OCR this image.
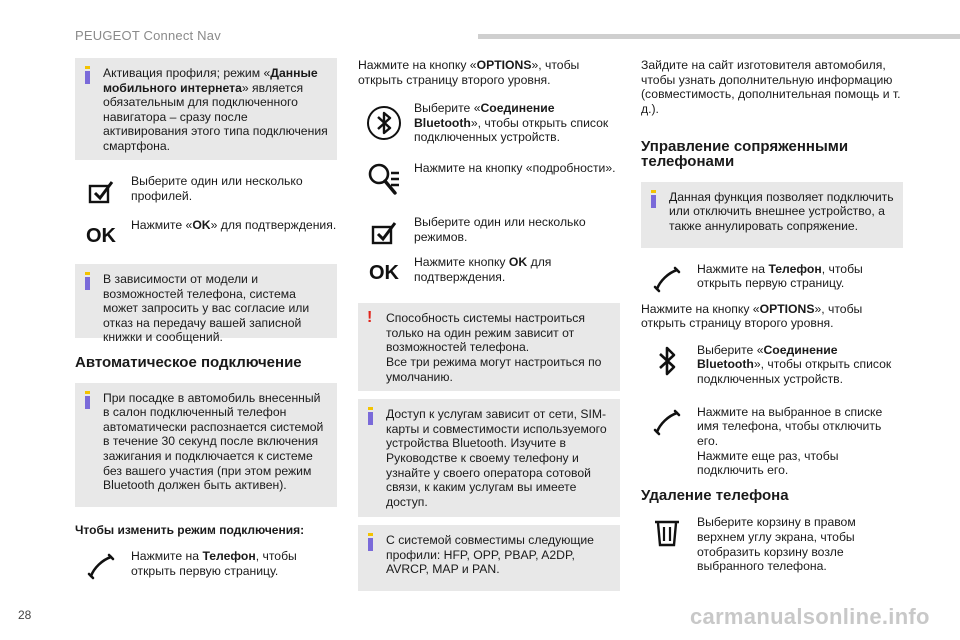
PEUGEOT Connect Nav

Активация профиля; режим «Данные мобильного интернета» является обязательным для подключенного навигатора – сразу после активирования этого типа подключения смартфона.

Выберите один или несколько профилей.

OK Нажмите «OK» для подтверждения.

В зависимости от модели и возможностей телефона, система может запросить у вас согласие или отказ на передачу вашей записной книжки и сообщений.

Автоматическое подключение

При посадке в автомобиль внесенный в салон подключенный телефон автоматически распознается системой в течение 30 секунд после включения зажигания и подключается к системе без вашего участия (при этом режим Bluetooth должен быть активен).

Чтобы изменить режим подключения:

Нажмите на Телефон, чтобы открыть первую страницу.

Нажмите на кнопку «OPTIONS», чтобы открыть страницу второго уровня.

Выберите «Соединение Bluetooth», чтобы открыть список подключенных устройств.

Нажмите на кнопку «подробности».

Выберите один или несколько режимов.

OK Нажмите кнопку OK для подтверждения.

! Способность системы настроиться только на один режим зависит от возможностей телефона.
Все три режима могут настроиться по умолчанию.

Доступ к услугам зависит от сети, SIM-карты и совместимости используемого устройства Bluetooth. Изучите в Руководстве к своему телефону и узнайте у своего оператора сотовой связи, к каким услугам вы имеете доступ.

С системой совместимы следующие профили: HFP, OPP, PBAP, A2DP, AVRCP, MAP и PAN.

Зайдите на сайт изготовителя автомобиля, чтобы узнать дополнительную информацию (совместимость, дополнительная помощь и т. д.).

Управление сопряженными телефонами

Данная функция позволяет подключить или отключить внешнее устройство, а также аннулировать сопряжение.

Нажмите на Телефон, чтобы открыть первую страницу.

Нажмите на кнопку «OPTIONS», чтобы открыть страницу второго уровня.

Выберите «Соединение Bluetooth», чтобы открыть список подключенных устройств.

Нажмите на выбранное в списке имя телефона, чтобы отключить его.
Нажмите еще раз, чтобы подключить его.

Удаление телефона

Выберите корзину в правом верхнем углу экрана, чтобы отобразить корзину возле выбранного телефона.

28	carmanualsonline.info
